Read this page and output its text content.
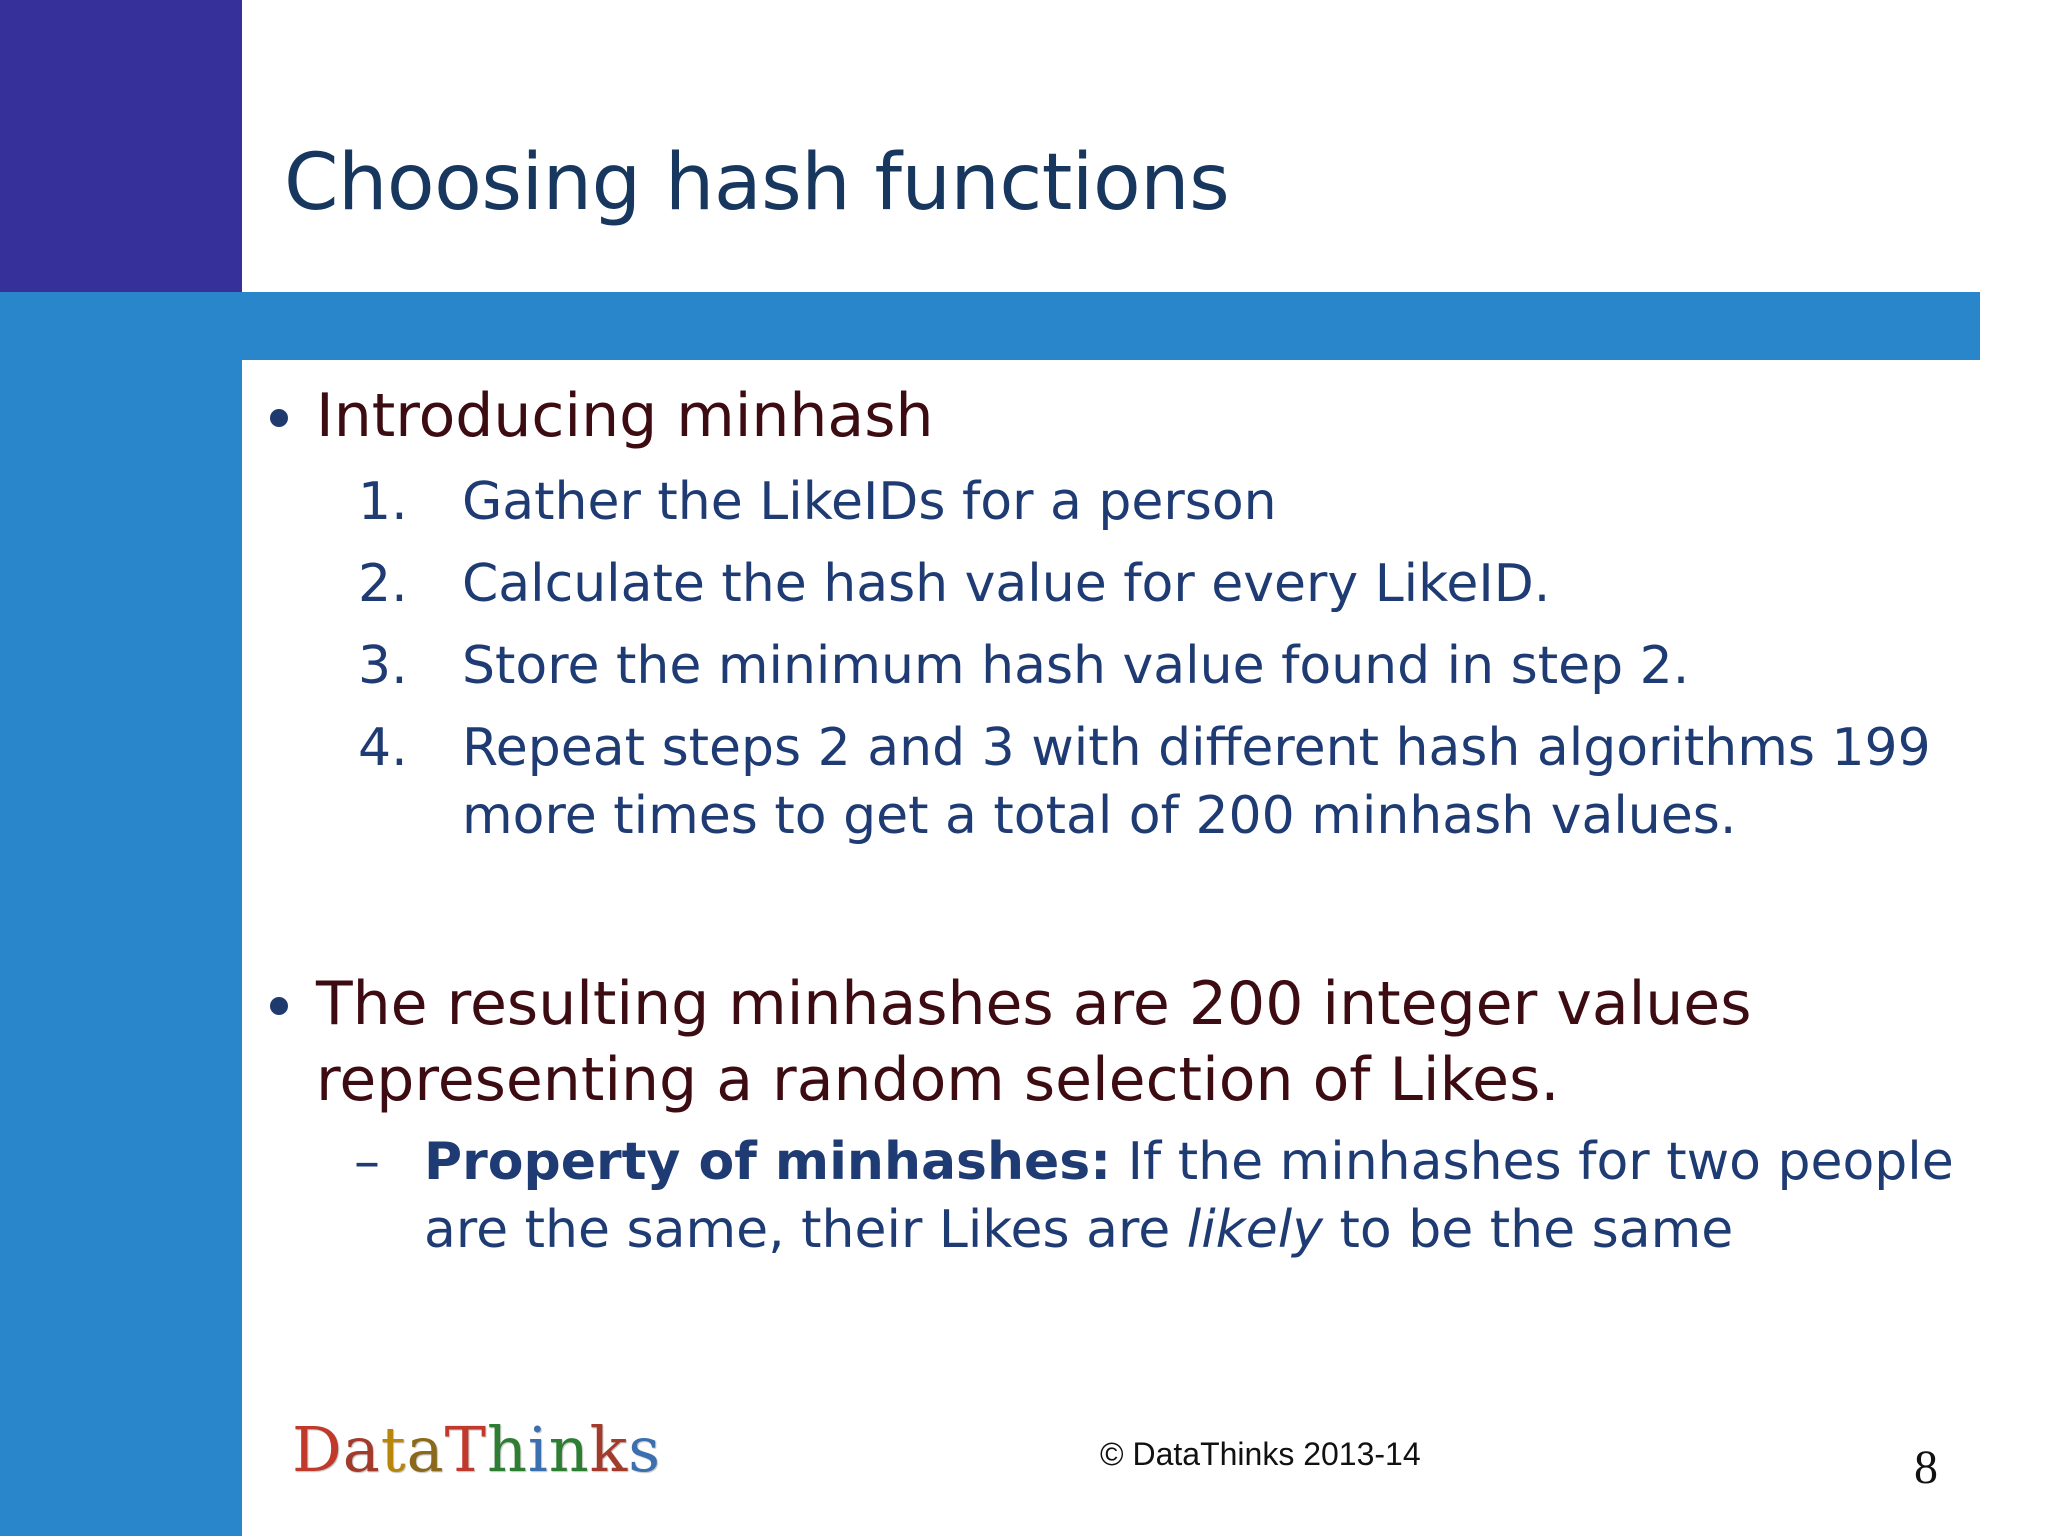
Choosing hash functions
Introducing minhash
1.	Gather the LikeIDs for a person
2.	Calculate the hash value for every LikeID.
3.	Store the minimum hash value found in step 2.
4.	Repeat steps 2 and 3 with different hash algorithms 199
more times to get a total of 200 minhash values.
The resulting minhashes are 200 integer values
representing a random selection of Likes.
– Property of minhashes: If the minhashes for two people are the same, their Likes are likely to be the same
DataThinks	© DataThinks 2013-14	8
